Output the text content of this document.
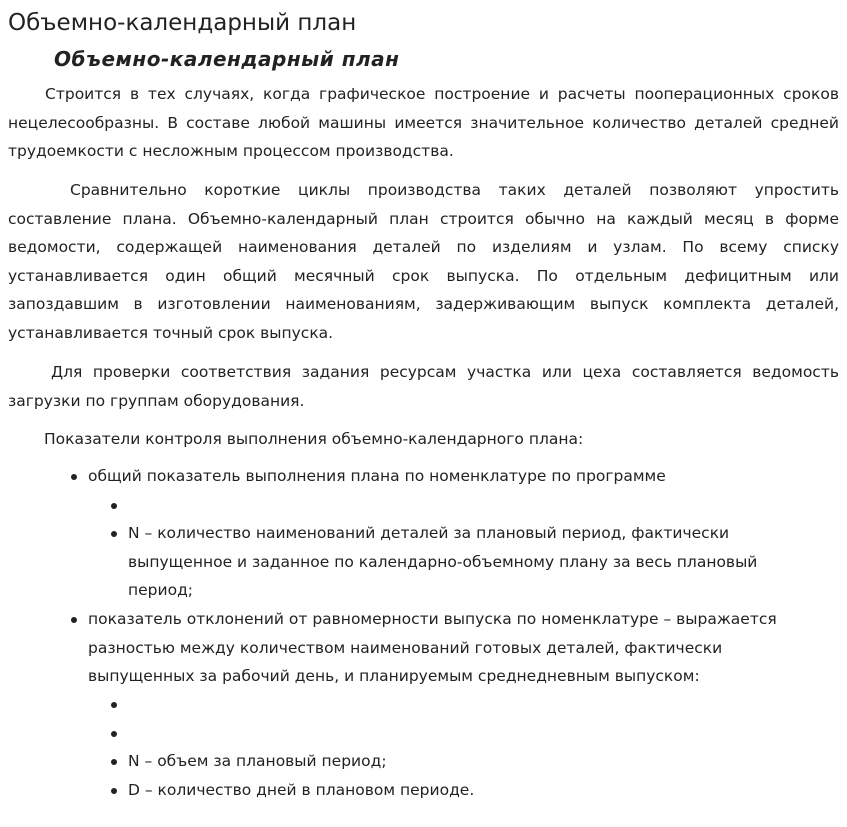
Объемно-календарный план
Объемно-календарный план

Строится в тех случаях, когда графическое построение и расчеты пооперационных сроков нецелесообразны. В составе любой машины имеется значительное количество деталей средней трудоемкости с несложным процессом производства.

Сравнительно короткие циклы производства таких деталей позволяют упростить составление плана. Объемно-календарный план строится обычно на каждый месяц в форме ведомости, содержащей наименования деталей по изделиям и узлам. По всему списку устанавливается один общий месячный срок выпуска. По отдельным дефицитным или запоздавшим в изготовлении наименованиям, задерживающим выпуск комплекта деталей, устанавливается точный срок выпуска.

Для проверки соответствия задания ресурсам участка или цеха составляется ведомость загрузки по группам оборудования.

Показатели контроля выполнения объемно-календарного плана:

общий показатель выполнения плана по номенклатуре по программе
N – количество наименований деталей за плановый период, фактически выпущенное и заданное по календарно-объемному плану за весь плановый период;
показатель отклонений от равномерности выпуска по номенклатуре – выражается разностью между количеством наименований готовых деталей, фактически выпущенных за рабочий день, и планируемым среднедневным выпуском:
N – объем за плановый период;
D – количество дней в плановом периоде.
